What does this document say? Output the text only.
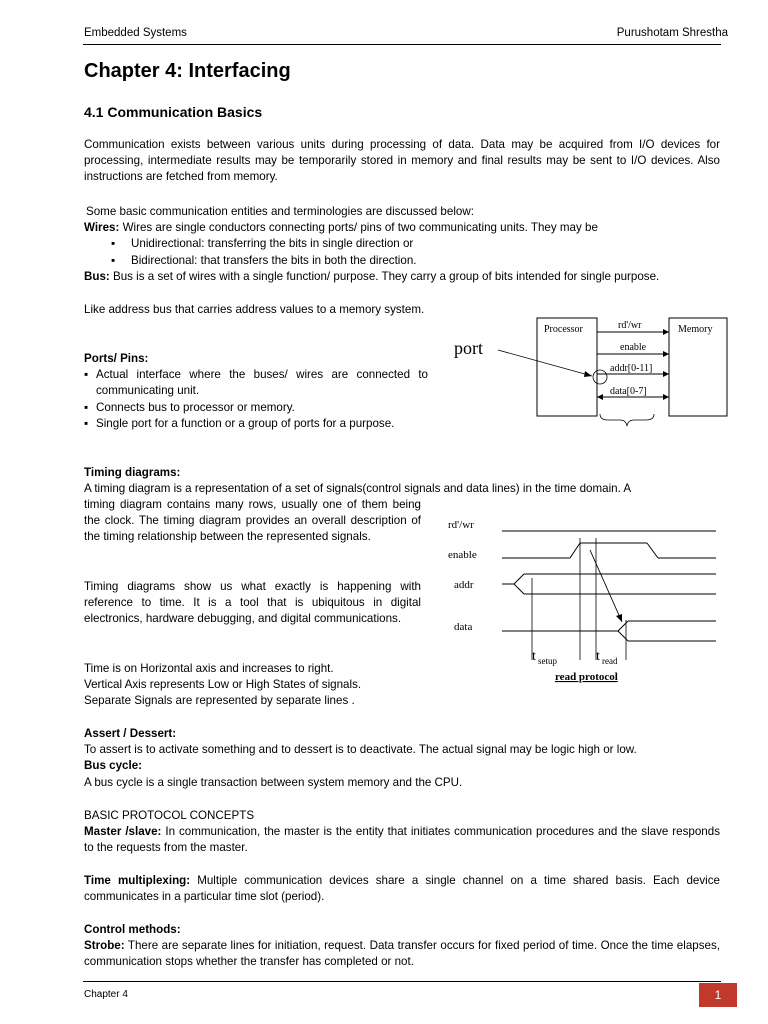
Embedded Systems	Purushotam Shrestha
Chapter 4: Interfacing
4.1 Communication Basics
Communication exists between various units during processing of data. Data may be acquired from I/O devices for processing, intermediate results may be temporarily stored in memory and final results may be sent to I/O devices. Also instructions are fetched from memory.
Some basic communication entities and terminologies are discussed below:
Wires: Wires are single conductors connecting ports/ pins of two communicating units. They may be
▪ Unidirectional: transferring the bits in single direction or
▪ Bidirectional: that transfers the bits in both the direction.
Bus: Bus is a set of wires with a single function/ purpose. They carry a group of bits intended for single purpose.
Like address bus that carries address values to a memory system.
Ports/ Pins:
▪ Actual interface where the buses/ wires are connected to communicating unit.
▪ Connects bus to processor or memory.
▪ Single port for a function or a group of ports for a purpose.
Processor	Memory
port
rd'/wr
enable
addr[0-11]
data[0-7]
Timing diagrams:
A timing diagram is a representation of a set of signals(control signals and data lines) in the time domain. A
timing diagram contains many rows, usually one of them being the clock. The timing diagram provides an overall description of the timing relationship between the represented signals.
Timing diagrams show us what exactly is happening with reference to time. It is a tool that is ubiquitous in digital electronics, hardware debugging, and digital communications.
Time is on Horizontal axis and increases to right.
Vertical Axis represents Low or High States of signals.
Separate Signals are represented by separate lines .
rd'/wr
enable
addr
data
t setup	t read
read protocol
Assert / Dessert:
To assert is to activate something and to dessert is to deactivate. The actual signal may be logic high or low.
Bus cycle:
A bus cycle is a single transaction between system memory and the CPU.
BASIC PROTOCOL CONCEPTS
Master /slave: In communication, the master is the entity that initiates communication procedures and the slave responds to the requests from the master.
Time multiplexing: Multiple communication devices share a single channel on a time shared basis. Each device communicates in a particular time slot (period).
Control methods:
Strobe: There are separate lines for initiation, request. Data transfer occurs for fixed period of time. Once the time elapses, communication stops whether the transfer has completed or not.
Chapter 4	1
